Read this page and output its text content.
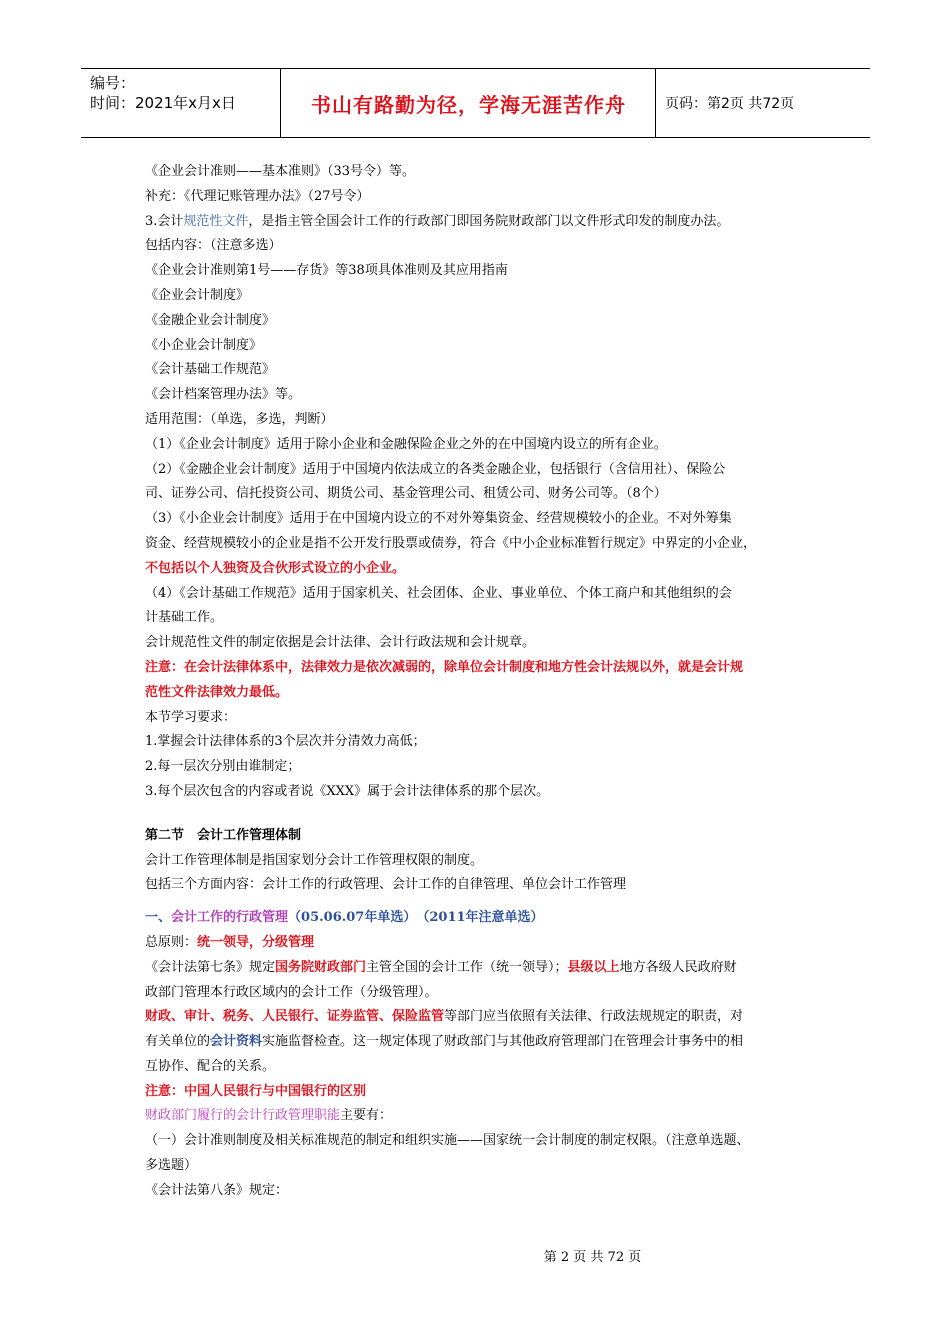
编号：
时间：2021年x月x日	书山有路勤为径，学海无涯苦作舟	页码：第2页 共72页
《企业会计准则——基本准则》（33号令）等。
补充：《代理记账管理办法》（27号令）
3.会计规范性文件，是指主管全国会计工作的行政部门即国务院财政部门以文件形式印发的制度办法。
包括内容：（注意多选）
《企业会计准则第1号——存货》等38项具体准则及其应用指南
《企业会计制度》
《金融企业会计制度》
《小企业会计制度》
《会计基础工作规范》
《会计档案管理办法》等。
适用范围：（单选，多选，判断）
（1）《企业会计制度》适用于除小企业和金融保险企业之外的在中国境内设立的所有企业。
（2）《金融企业会计制度》适用于中国境内依法成立的各类金融企业，包括银行（含信用社）、保险公
司、证券公司、信托投资公司、期货公司、基金管理公司、租赁公司、财务公司等。（8个）
（3）《小企业会计制度》适用于在中国境内设立的不对外筹集资金、经营规模较小的企业。不对外筹集
资金、经营规模较小的企业是指不公开发行股票或债券，符合《中小企业标准暂行规定》中界定的小企业，
不包括以个人独资及合伙形式设立的小企业。
（4）《会计基础工作规范》适用于国家机关、社会团体、企业、事业单位、个体工商户和其他组织的会
计基础工作。
会计规范性文件的制定依据是会计法律、会计行政法规和会计规章。
注意：在会计法律体系中，法律效力是依次减弱的，除单位会计制度和地方性会计法规以外，就是会计规
范性文件法律效力最低。
本节学习要求：
1.掌握会计法律体系的3个层次并分清效力高低；
2.每一层次分别由谁制定；
3.每个层次包含的内容或者说《XXX》属于会计法律体系的那个层次。
第二节　会计工作管理体制
会计工作管理体制是指国家划分会计工作管理权限的制度。
包括三个方面内容：会计工作的行政管理、会计工作的自律管理、单位会计工作管理
一、会计工作的行政管理（05.06.07年单选）　（2011年注意单选）
总原则：统一领导，分级管理
《会计法第七条》规定国务院财政部门主管全国的会计工作（统一领导）；县级以上地方各级人民政府财
政部门管理本行政区域内的会计工作（分级管理）。
财政、审计、税务、人民银行、证券监管、保险监管等部门应当依照有关法律、行政法规规定的职责，对
有关单位的会计资料实施监督检查。这一规定体现了财政部门与其他政府管理部门在管理会计事务中的相
互协作、配合的关系。
注意：中国人民银行与中国银行的区别
财政部门履行的会计行政管理职能主要有：
（一）会计准则制度及相关标准规范的制定和组织实施——国家统一会计制度的制定权限。（注意单选题、
多选题）
《会计法第八条》规定：
第 2 页 共 72 页
